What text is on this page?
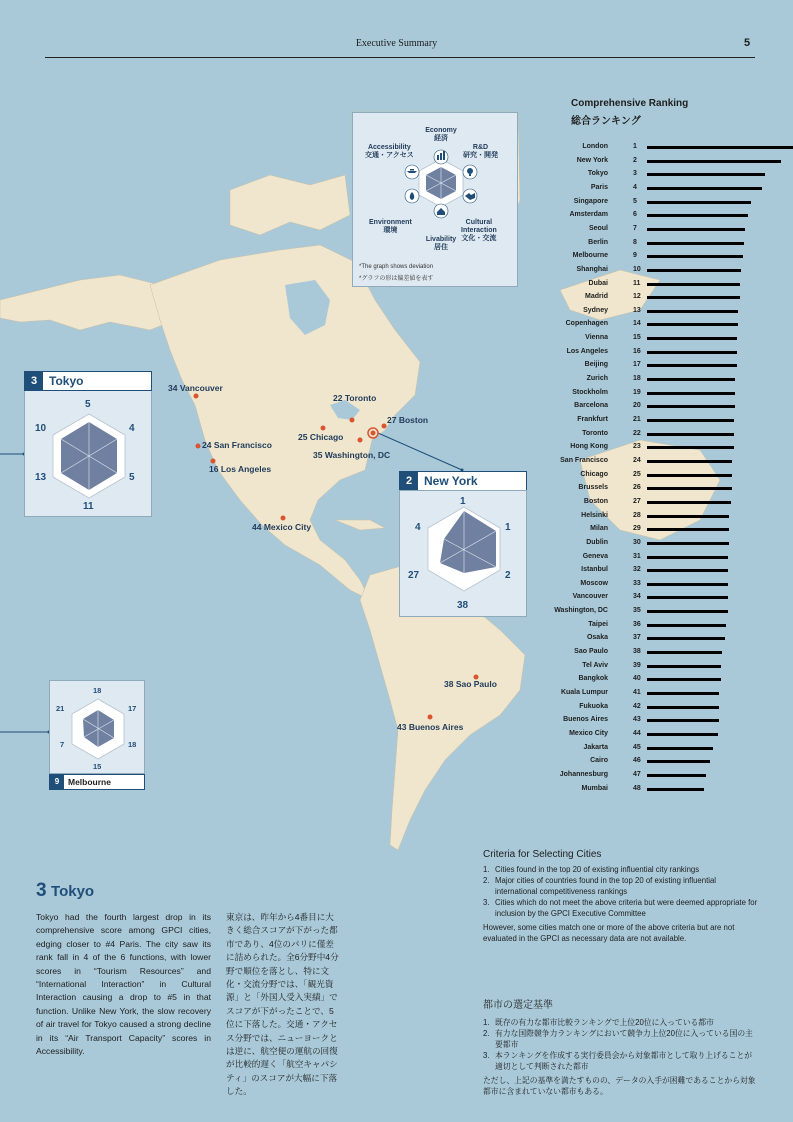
Executive Summary	5
34 Vancouver
22 Toronto
27 Boston
25 Chicago
35 Washington, DC
24 San Francisco
16 Los Angeles
44 Mexico City
38 Sao Paulo
43 Buenos Aires
Economy
経済
R&D
研究・開発
Cultural
Interaction
文化・交流
Livability
居住
Environment
環境
Accessibility
交通・アクセス
*The graph shows deviation
*グラフの形は偏差値を表す
5
4
5
11
13
10
3 Tokyo
2 New York
1
1
2
38
27
4
18
17
18
15
7
21
9	Melbourne
Comprehensive Ranking
総合ランキング
London	1
New York	2
Tokyo	3
Paris	4
Singapore	5
Amsterdam	6
Seoul	7
Berlin	8
Melbourne	9
Shanghai	10
Dubai	11
Madrid	12
Sydney	13
Copenhagen	14
Vienna	15
Los Angeles	16
Beijing	17
Zurich	18
Stockholm	19
Barcelona	20
Frankfurt	21
Toronto	22
Hong Kong	23
San Francisco	24
Chicago	25
Brussels	26
Boston	27
Helsinki	28
Milan	29
Dublin	30
Geneva	31
Istanbul	32
Moscow	33
Vancouver	34
Washington, DC	35
Taipei	36
Osaka	37
Sao Paulo	38
Tel Aviv	39
Bangkok	40
Kuala Lumpur	41
Fukuoka	42
Buenos Aires	43
Mexico City	44
Jakarta	45
Cairo	46
Johannesburg	47
Mumbai	48
3 Tokyo
Tokyo had the fourth largest drop in its comprehensive score among GPCI cities, edging closer to #4 Paris. The city saw its rank fall in 4 of the 6 functions, with lower scores in “Tourism Resources” and “International Interaction” in Cultural Interaction causing a drop to #5 in that function. Unlike New York, the slow recovery of air travel for Tokyo caused a strong decline in its “Air Transport Capacity” scores in Accessibility.
東京は、昨年から4番目に大きく総合スコアが下がった都市であり、4位のパリに僅差に詰められた。全6分野中4分野で順位を落とし、特に文化・交流分野では、「観光資源」と「外国人受入実績」でスコアが下がったことで、5位に下落した。交通・アクセス分野では、ニューヨークとは逆に、航空便の運航の回復が比較的遅く「航空キャパシティ」のスコアが大幅に下落した。
Criteria for Selecting Cities
1. Cities found in the top 20 of existing influential city rankings
2. Major cities of countries found in the top 20 of existing influential international competitiveness rankings
3. Cities which do not meet the above criteria but were deemed appropriate for inclusion by the GPCI Executive Committee
However, some cities match one or more of the above criteria but are not evaluated in the GPCI as necessary data are not available.
都市の選定基準
1. 既存の有力な都市比較ランキングで上位20位に入っている都市
2. 有力な国際競争力ランキングにおいて競争力上位20位に入っている国の主要都市
3. 本ランキングを作成する実行委員会から対象都市として取り上げることが適切として判断された都市
ただし、上記の基準を満たすものの、データの入手が困難であることから対象都市に含まれていない都市もある。
